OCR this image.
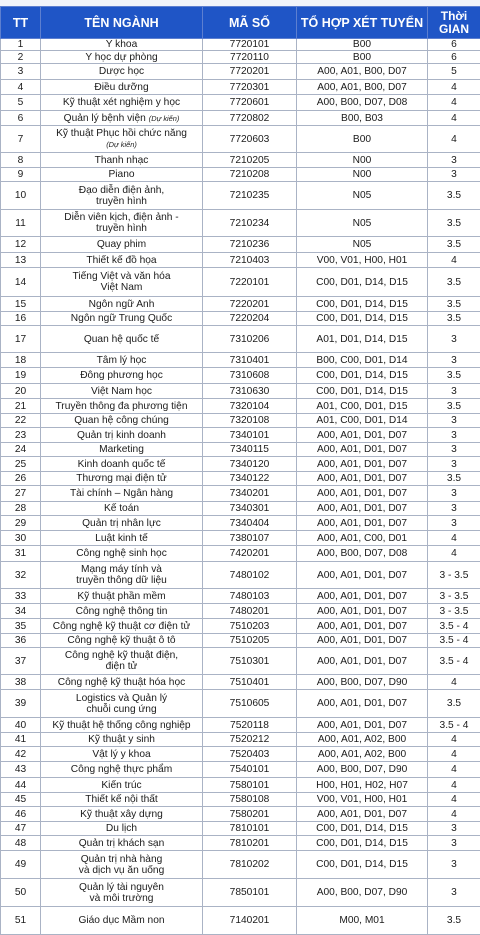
TT	TÊN NGÀNH	MÃ SỐ	TỔ HỢP XÉT TUYỂN	Thời
GIAN

1	Y khoa	7720101	B00	6
2	Y học dự phòng	7720110	B00	6
3	Dược học	7720201	A00, A01, B00, D07	5
4	Điều dưỡng	7720301	A00, A01, B00, D07	4
5	Kỹ thuật xét nghiệm y học	7720601	A00, B00, D07, D08	4
6	Quản lý bệnh viện (Dự kiến)	7720802	B00, B03	4
7	Kỹ thuật Phục hồi chức năng
(Dự kiến)	7720603	B00	4
8	Thanh nhạc	7210205	N00	3
9	Piano	7210208	N00	3
10	Đạo diễn điện ảnh,
truyền hình	7210235	N05	3.5
11	Diễn viên kịch, điện ảnh -
truyền hình	7210234	N05	3.5
12	Quay phim	7210236	N05	3.5
13	Thiết kế đồ họa	7210403	V00, V01, H00, H01	4
14	Tiếng Việt và văn hóa
Việt Nam	7220101	C00, D01, D14, D15	3.5
15	Ngôn ngữ Anh	7220201	C00, D01, D14, D15	3.5
16	Ngôn ngữ Trung Quốc	7220204	C00, D01, D14, D15	3.5
17	Quan hệ quốc tế	7310206	A01, D01, D14, D15	3
18	Tâm lý học	7310401	B00, C00, D01, D14	3
19	Đông phương học	7310608	C00, D01, D14, D15	3.5
20	Việt Nam học	7310630	C00, D01, D14, D15	3
21	Truyền thông đa phương tiện	7320104	A01, C00, D01, D15	3.5
22	Quan hệ công chúng	7320108	A01, C00, D01, D14	3
23	Quản trị kinh doanh	7340101	A00, A01, D01, D07	3
24	Marketing	7340115	A00, A01, D01, D07	3
25	Kinh doanh quốc tế	7340120	A00, A01, D01, D07	3
26	Thương mại điện tử	7340122	A00, A01, D01, D07	3.5
27	Tài chính – Ngân hàng	7340201	A00, A01, D01, D07	3
28	Kế toán	7340301	A00, A01, D01, D07	3
29	Quản trị nhân lực	7340404	A00, A01, D01, D07	3
30	Luật kinh tế	7380107	A00, A01, C00, D01	4
31	Công nghệ sinh học	7420201	A00, B00, D07, D08	4
32	Mạng máy tính và
truyền thông dữ liệu	7480102	A00, A01, D01, D07	3 - 3.5
33	Kỹ thuật phần mềm	7480103	A00, A01, D01, D07	3 - 3.5
34	Công nghệ thông tin	7480201	A00, A01, D01, D07	3 - 3.5
35	Công nghệ kỹ thuật cơ điện tử	7510203	A00, A01, D01, D07	3.5 - 4
36	Công nghệ kỹ thuật ô tô	7510205	A00, A01, D01, D07	3.5 - 4
37	Công nghệ kỹ thuật điện,
điện tử	7510301	A00, A01, D01, D07	3.5 - 4
38	Công nghệ kỹ thuật hóa học	7510401	A00, B00, D07, D90	4
39	Logistics và Quản lý
chuỗi cung ứng	7510605	A00, A01, D01, D07	3.5
40	Kỹ thuật hệ thống công nghiệp	7520118	A00, A01, D01, D07	3.5 - 4
41	Kỹ thuật y sinh	7520212	A00, A01, A02, B00	4
42	Vật lý y khoa	7520403	A00, A01, A02, B00	4
43	Công nghệ thực phẩm	7540101	A00, B00, D07, D90	4
44	Kiến trúc	7580101	H00, H01, H02, H07	4
45	Thiết kế nội thất	7580108	V00, V01, H00, H01	4
46	Kỹ thuật xây dựng	7580201	A00, A01, D01, D07	4
47	Du lịch	7810101	C00, D01, D14, D15	3
48	Quản trị khách sạn	7810201	C00, D01, D14, D15	3
49	Quản trị nhà hàng
và dịch vụ ăn uống	7810202	C00, D01, D14, D15	3
50	Quản lý tài nguyên
và môi trường	7850101	A00, B00, D07, D90	3
51	Giáo dục Mầm non	7140201	M00, M01	3.5
